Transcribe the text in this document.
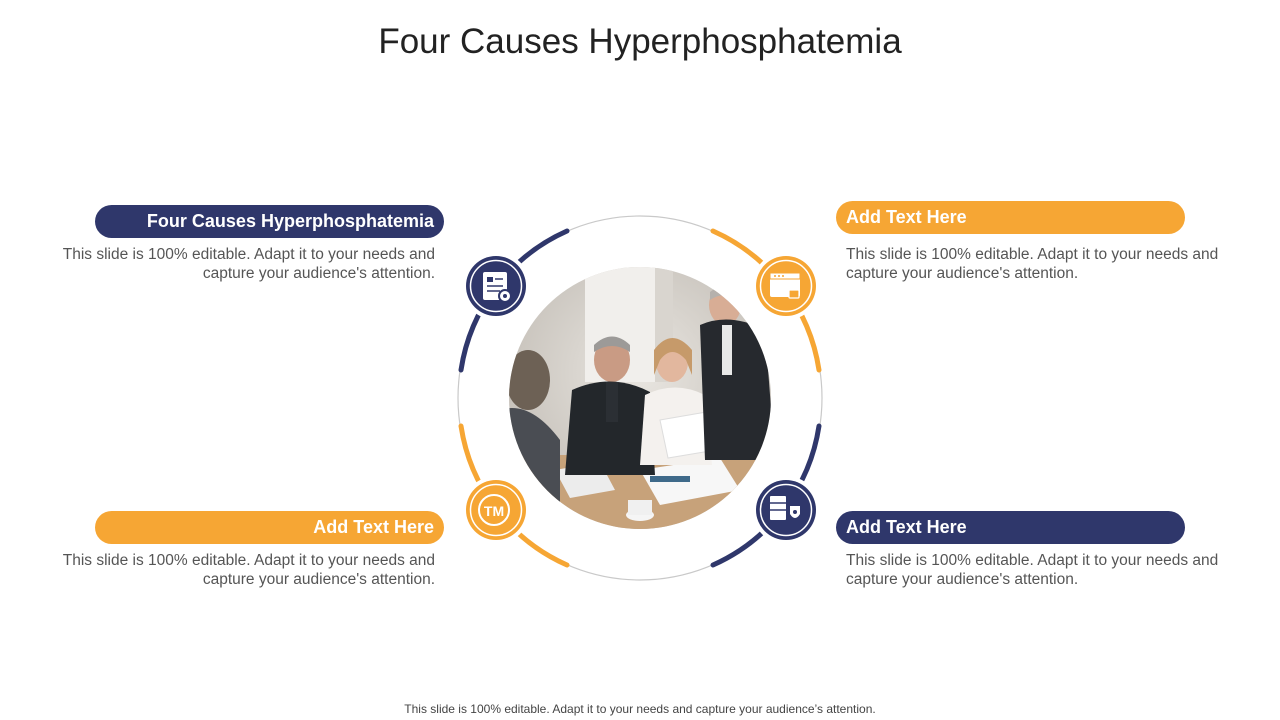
Four Causes Hyperphosphatemia
Four Causes Hyperphosphatemia
This slide is 100% editable. Adapt it to your needs and capture your audience's attention.
Add Text Here
This slide is 100% editable. Adapt it to your needs and capture your audience's attention.
Add Text Here
This slide is 100% editable. Adapt it to your needs and capture your audience's attention.
Add Text Here
This slide is 100% editable. Adapt it to your needs and capture your audience's attention.
TM
This slide is 100% editable. Adapt it to your needs and capture your audience’s attention.
